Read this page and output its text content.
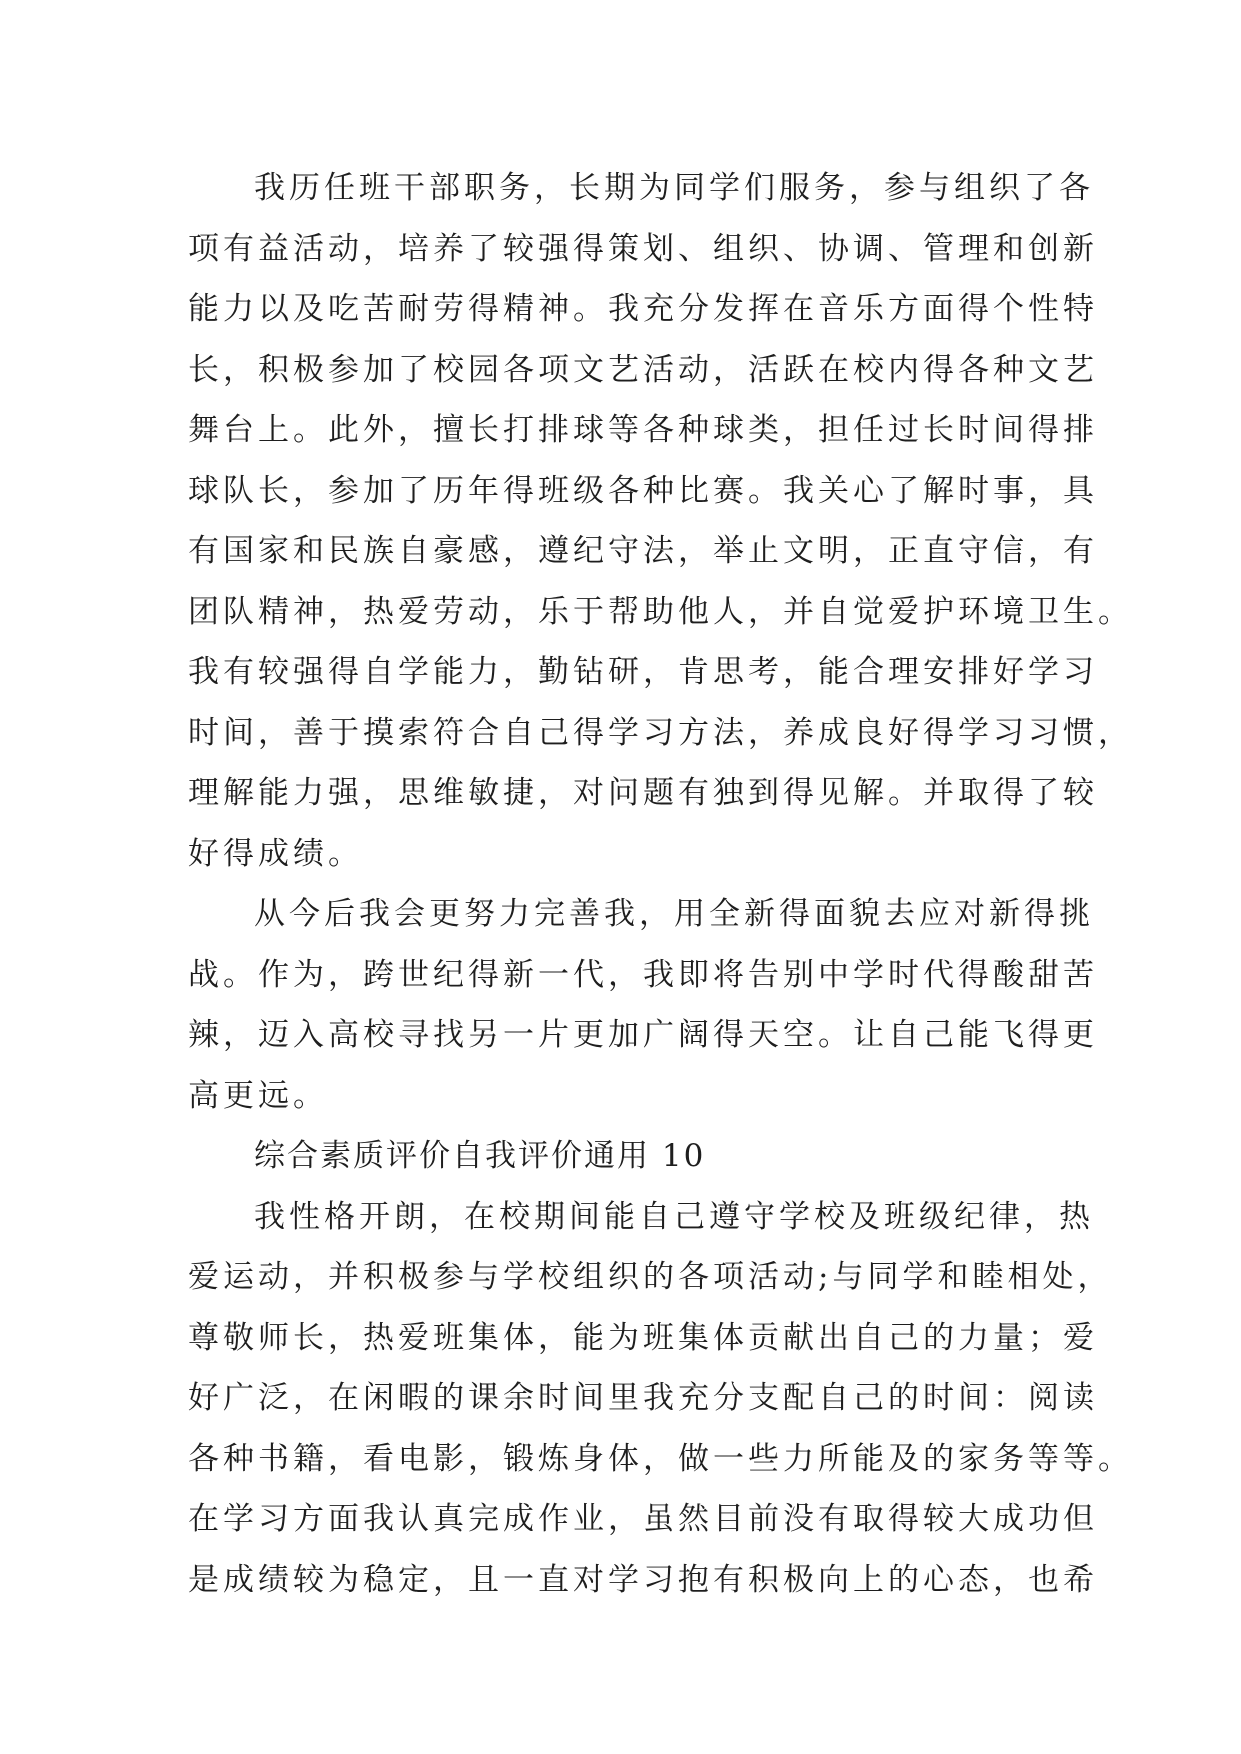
我历任班干部职务，长期为同学们服务，参与组织了各
项有益活动，培养了较强得策划、组织、协调、管理和创新
能力以及吃苦耐劳得精神。我充分发挥在音乐方面得个性特
长，积极参加了校园各项文艺活动，活跃在校内得各种文艺
舞台上。此外，擅长打排球等各种球类，担任过长时间得排
球队长，参加了历年得班级各种比赛。我关心了解时事，具
有国家和民族自豪感，遵纪守法，举止文明，正直守信，有
团队精神，热爱劳动，乐于帮助他人，并自觉爱护环境卫生。
我有较强得自学能力，勤钻研，肯思考，能合理安排好学习
时间，善于摸索符合自己得学习方法，养成良好得学习习惯，
理解能力强，思维敏捷，对问题有独到得见解。并取得了较
好得成绩。
从今后我会更努力完善我，用全新得面貌去应对新得挑
战。作为，跨世纪得新一代，我即将告别中学时代得酸甜苦
辣，迈入高校寻找另一片更加广阔得天空。让自己能飞得更
高更远。
综合素质评价自我评价通用 10
我性格开朗，在校期间能自己遵守学校及班级纪律，热
爱运动，并积极参与学校组织的各项活动;与同学和睦相处，
尊敬师长，热爱班集体，能为班集体贡献出自己的力量；爱
好广泛，在闲暇的课余时间里我充分支配自己的时间：阅读
各种书籍，看电影，锻炼身体，做一些力所能及的家务等等。
在学习方面我认真完成作业，虽然目前没有取得较大成功但
是成绩较为稳定，且一直对学习抱有积极向上的心态，也希
